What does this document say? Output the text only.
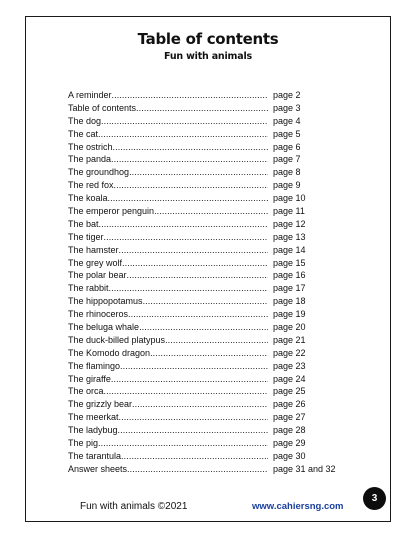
Table of contents
Fun with animals
A reminder .....	page 2
Table of contents .....	page 3
The dog .....	page 4
The cat .....	page 5
The ostrich .....	page 6
The panda .....	page 7
The groundhog .....	page 8
The red fox .....	page 9
The koala .....	page 10
The emperor penguin .....	page 11
The bat .....	page 12
The tiger .....	page 13
The hamster .....	page 14
The grey wolf .....	page 15
The polar bear .....	page 16
The rabbit .....	page 17
The hippopotamus .....	page 18
The rhinoceros .....	page 19
The beluga whale .....	page 20
The duck-billed platypus .....	page 21
The Komodo dragon .....	page 22
The flamingo .....	page 23
The giraffe .....	page 24
The orca .....	page 25
The grizzly bear .....	page 26
The meerkat .....	page 27
The ladybug .....	page 28
The pig .....	page 29
The tarantula .....	page 30
Answer sheets .....	page 31 and 32
Fun with animals ©2021	www.cahiersng.com
3
